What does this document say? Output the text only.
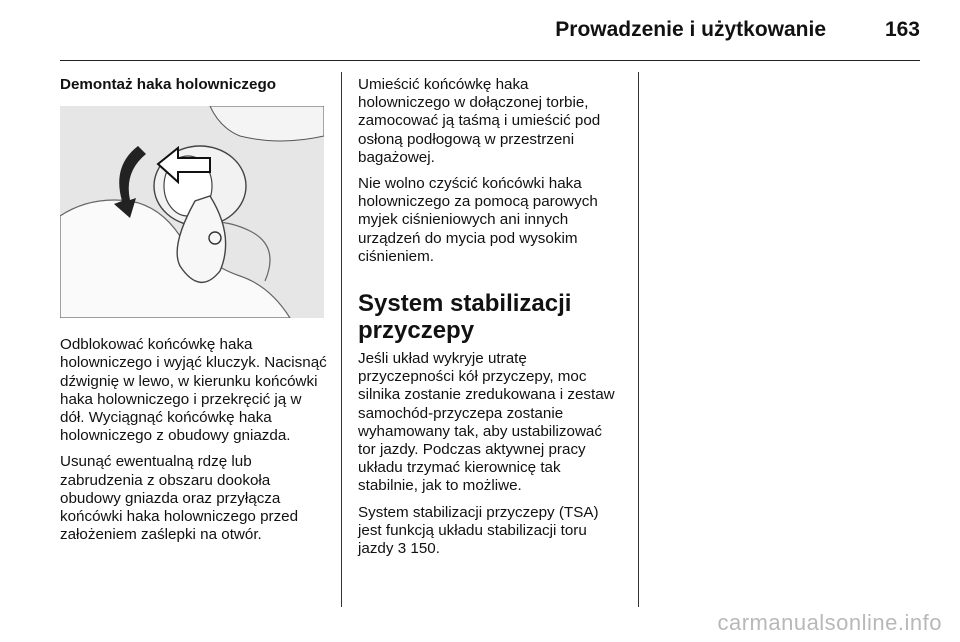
Prowadzenie i użytkowanie	163
Demontaż haka holowniczego

Odblokować końcówkę haka holowniczego i wyjąć kluczyk. Nacisnąć dźwignię w lewo, w kierunku końcówki haka holowniczego i przekręcić ją w dół. Wyciągnąć końcówkę haka holowniczego z obudowy gniazda.

Usunąć ewentualną rdzę lub zabrudzenia z obszaru dookoła obudowy gniazda oraz przyłącza końcówki haka holowniczego przed założeniem zaślepki na otwór.

Umieścić końcówkę haka holowniczego w dołączonej torbie, zamocować ją taśmą i umieścić pod osłoną podłogową w przestrzeni bagażowej.

Nie wolno czyścić końcówki haka holowniczego za pomocą parowych myjek ciśnieniowych ani innych urządzeń do mycia pod wysokim ciśnieniem.

System stabilizacji przyczepy

Jeśli układ wykryje utratę przyczepności kół przyczepy, moc silnika zostanie zredukowana i zestaw samochód-przyczepa zostanie wyhamowany tak, aby ustabilizować tor jazdy. Podczas aktywnej pracy układu trzymać kierownicę tak stabilnie, jak to możliwe.

System stabilizacji przyczepy (TSA) jest funkcją układu stabilizacji toru jazdy 3 150.

carmanualsonline.info
